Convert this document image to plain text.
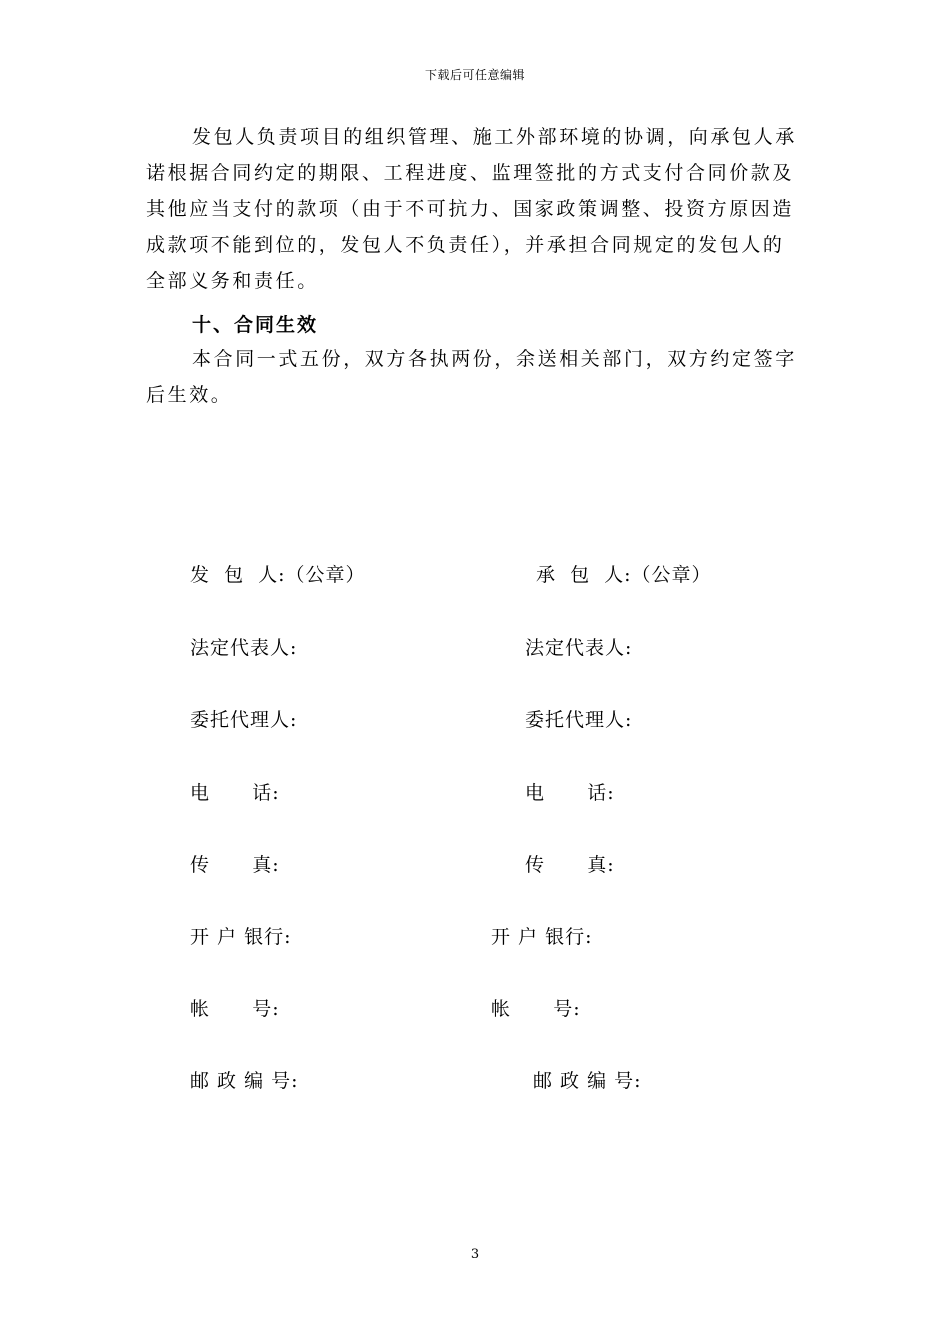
下载后可任意编辑

发包人负责项目的组织管理、施工外部环境的协调，向承包人承诺根据合同约定的期限、工程进度、监理签批的方式支付合同价款及其他应当支付的款项（由于不可抗力、国家政策调整、投资方原因造成款项不能到位的，发包人不负责任），并承担合同规定的发包人的全部义务和责任。

十、合同生效

本合同一式五份，双方各执两份，余送相关部门，双方约定签字后生效。

发  包  人:（公章）
法定代表人:
委托代理人:
电      话:
传      真:
开 户 银行:
帐      号:
邮 政 编 号:
承  包  人:（公章）
法定代表人:
委托代理人:
电      话:
传      真:
开 户 银行:
帐      号:
邮 政 编 号:
3
